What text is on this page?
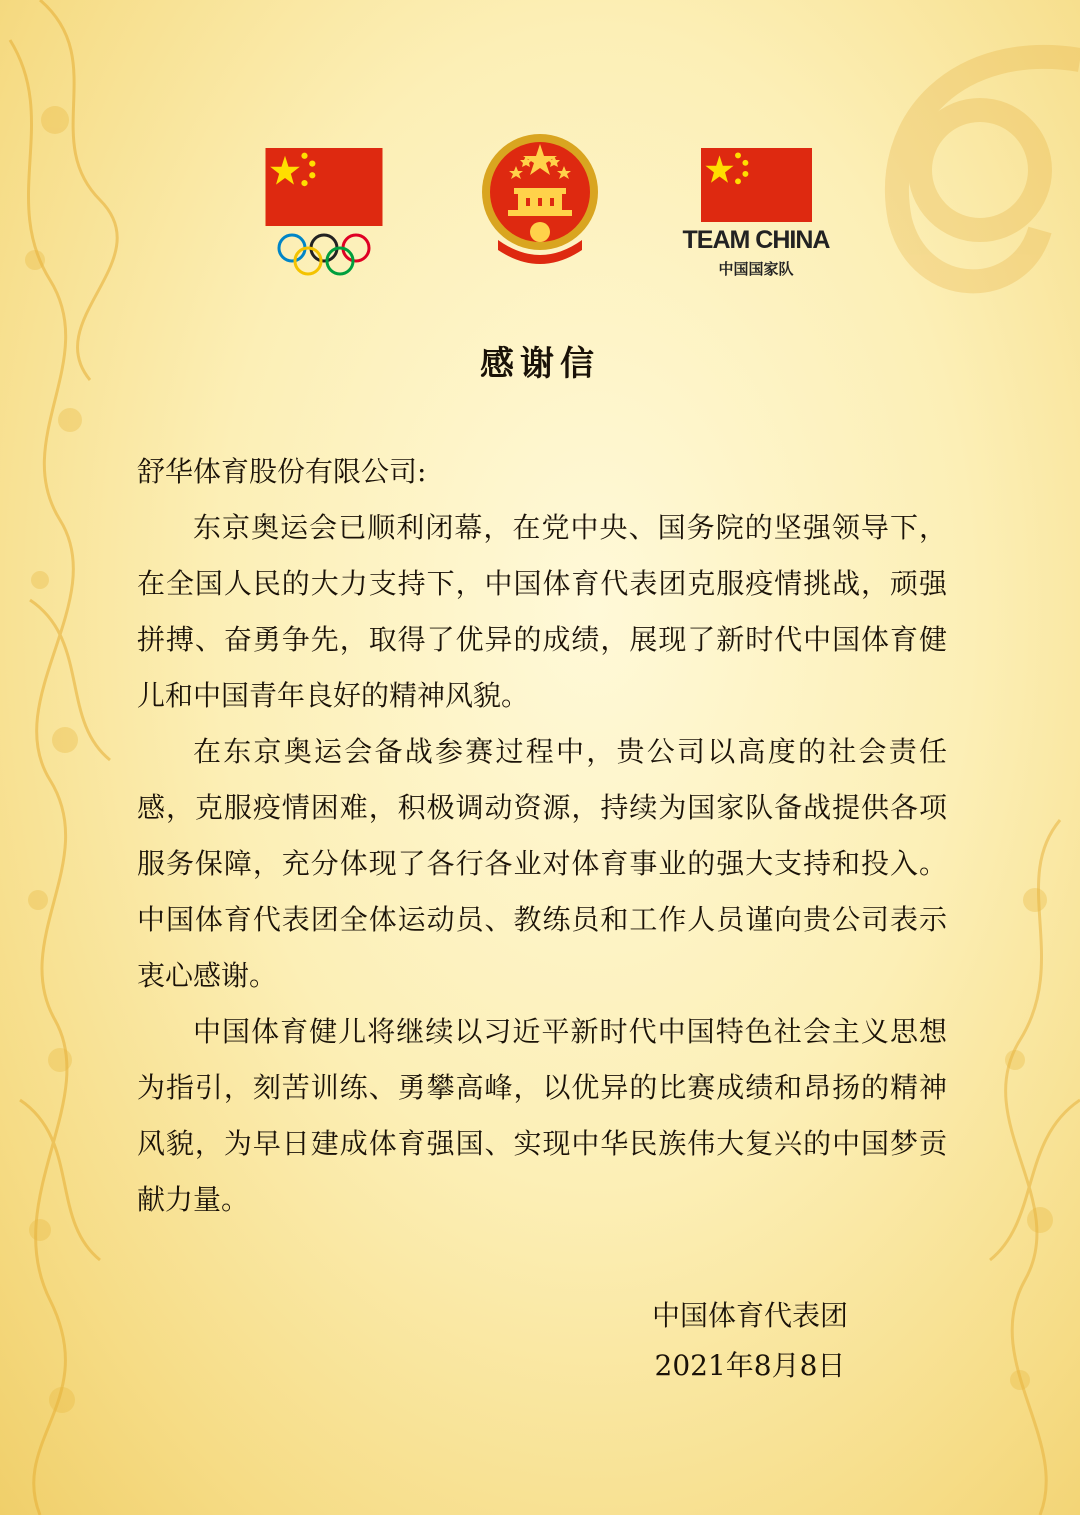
TEAM CHINA
中国国家队
感谢信

舒华体育股份有限公司:

东京奥运会已顺利闭幕，在党中央、国务院的坚强领导下，在全国人民的大力支持下，中国体育代表团克服疫情挑战，顽强拼搏、奋勇争先，取得了优异的成绩，展现了新时代中国体育健儿和中国青年良好的精神风貌。

在东京奥运会备战参赛过程中，贵公司以高度的社会责任感，克服疫情困难，积极调动资源，持续为国家队备战提供各项服务保障，充分体现了各行各业对体育事业的强大支持和投入。中国体育代表团全体运动员、教练员和工作人员谨向贵公司表示衷心感谢。

中国体育健儿将继续以习近平新时代中国特色社会主义思想为指引，刻苦训练、勇攀高峰，以优异的比赛成绩和昂扬的精神风貌，为早日建成体育强国、实现中华民族伟大复兴的中国梦贡献力量。

中国体育代表团
2021年8月8日
